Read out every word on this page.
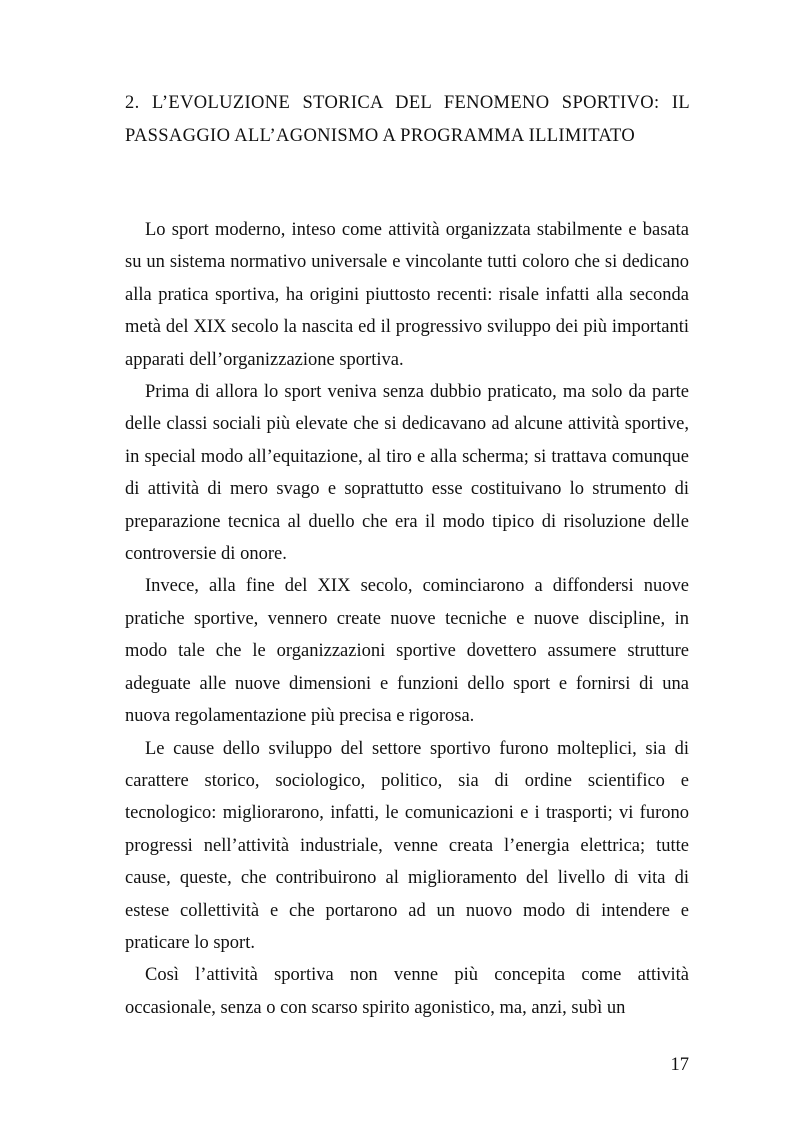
2. L’EVOLUZIONE STORICA DEL FENOMENO SPORTIVO: IL
PASSAGGIO ALL’AGONISMO A PROGRAMMA ILLIMITATO

Lo sport moderno, inteso come attività organizzata stabilmente e basata su un sistema normativo universale e vincolante tutti coloro che si dedicano alla pratica sportiva, ha origini piuttosto recenti: risale infatti alla seconda metà del XIX secolo la nascita ed il progressivo sviluppo dei più importanti apparati dell’organizzazione sportiva.

Prima di allora lo sport veniva senza dubbio praticato, ma solo da parte delle classi sociali più elevate che si dedicavano ad alcune attività sportive, in special modo all’equitazione, al tiro e alla scherma; si trattava comunque di attività di mero svago e soprattutto esse costituivano lo strumento di preparazione tecnica al duello che era il modo tipico di risoluzione delle controversie di onore.

Invece, alla fine del XIX secolo, cominciarono a diffondersi nuove pratiche sportive, vennero create nuove tecniche e nuove discipline, in modo tale che le organizzazioni sportive dovettero assumere strutture adeguate alle nuove dimensioni e funzioni dello sport e fornirsi di una nuova regolamentazione più precisa e rigorosa.

Le cause dello sviluppo del settore sportivo furono molteplici, sia di carattere storico, sociologico, politico, sia di ordine scientifico e tecnologico: migliorarono, infatti, le comunicazioni e i trasporti; vi furono progressi nell’attività industriale, venne creata l’energia elettrica; tutte cause, queste, che contribuirono al miglioramento del livello di vita di estese collettività e che portarono ad un nuovo modo di intendere e praticare lo sport.

Così l’attività sportiva non venne più concepita come attività occasionale, senza o con scarso spirito agonistico, ma, anzi, subì un

17
